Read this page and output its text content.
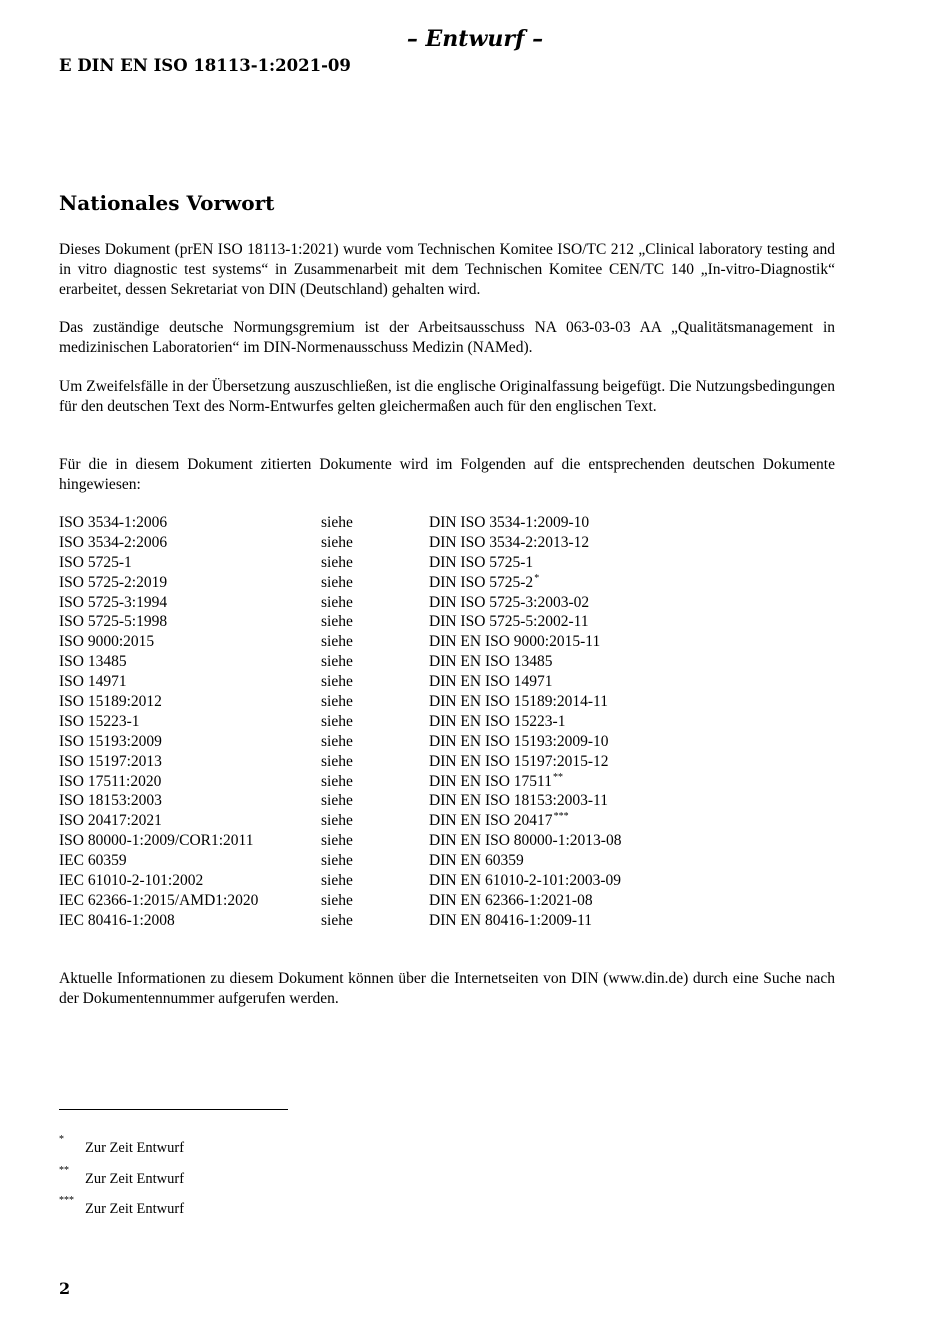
– Entwurf –
E DIN EN ISO 18113-1:2021-09
Nationales Vorwort

Dieses Dokument (prEN ISO 18113-1:2021) wurde vom Technischen Komitee ISO/TC 212 „Clinical laboratory testing and in vitro diagnostic test systems“ in Zusammenarbeit mit dem Technischen Komitee CEN/TC 140 „In-vitro-Diagnostik“ erarbeitet, dessen Sekretariat von DIN (Deutschland) gehalten wird.

Das zuständige deutsche Normungsgremium ist der Arbeitsausschuss NA 063-03-03 AA „Qualitätsmanagement in medizinischen Laboratorien“ im DIN-Normenausschuss Medizin (NAMed).

Um Zweifelsfälle in der Übersetzung auszuschließen, ist die englische Originalfassung beigefügt. Die Nutzungsbedingungen für den deutschen Text des Norm-Entwurfes gelten gleichermaßen auch für den englischen Text.

Für die in diesem Dokument zitierten Dokumente wird im Folgenden auf die entsprechenden deutschen Dokumente hingewiesen:

ISO 3534-1:2006	siehe	DIN ISO 3534-1:2009-10
ISO 3534-2:2006	siehe	DIN ISO 3534-2:2013-12
ISO 5725-1	siehe	DIN ISO 5725-1
ISO 5725-2:2019	siehe	DIN ISO 5725-2*
ISO 5725-3:1994	siehe	DIN ISO 5725-3:2003-02
ISO 5725-5:1998	siehe	DIN ISO 5725-5:2002-11
ISO 9000:2015	siehe	DIN EN ISO 9000:2015-11
ISO 13485	siehe	DIN EN ISO 13485
ISO 14971	siehe	DIN EN ISO 14971
ISO 15189:2012	siehe	DIN EN ISO 15189:2014-11
ISO 15223-1	siehe	DIN EN ISO 15223-1
ISO 15193:2009	siehe	DIN EN ISO 15193:2009-10
ISO 15197:2013	siehe	DIN EN ISO 15197:2015-12
ISO 17511:2020	siehe	DIN EN ISO 17511**
ISO 18153:2003	siehe	DIN EN ISO 18153:2003-11
ISO 20417:2021	siehe	DIN EN ISO 20417***
ISO 80000-1:2009/COR1:2011	siehe	DIN EN ISO 80000-1:2013-08
IEC 60359	siehe	DIN EN 60359
IEC 61010-2-101:2002	siehe	DIN EN 61010-2-101:2003-09
IEC 62366-1:2015/AMD1:2020	siehe	DIN EN 62366-1:2021-08
IEC 80416-1:2008	siehe	DIN EN 80416-1:2009-11

Aktuelle Informationen zu diesem Dokument können über die Internetseiten von DIN (www.din.de) durch eine Suche nach der Dokumentennummer aufgerufen werden.

*
Zur Zeit Entwurf
**
Zur Zeit Entwurf
***
Zur Zeit Entwurf
2
